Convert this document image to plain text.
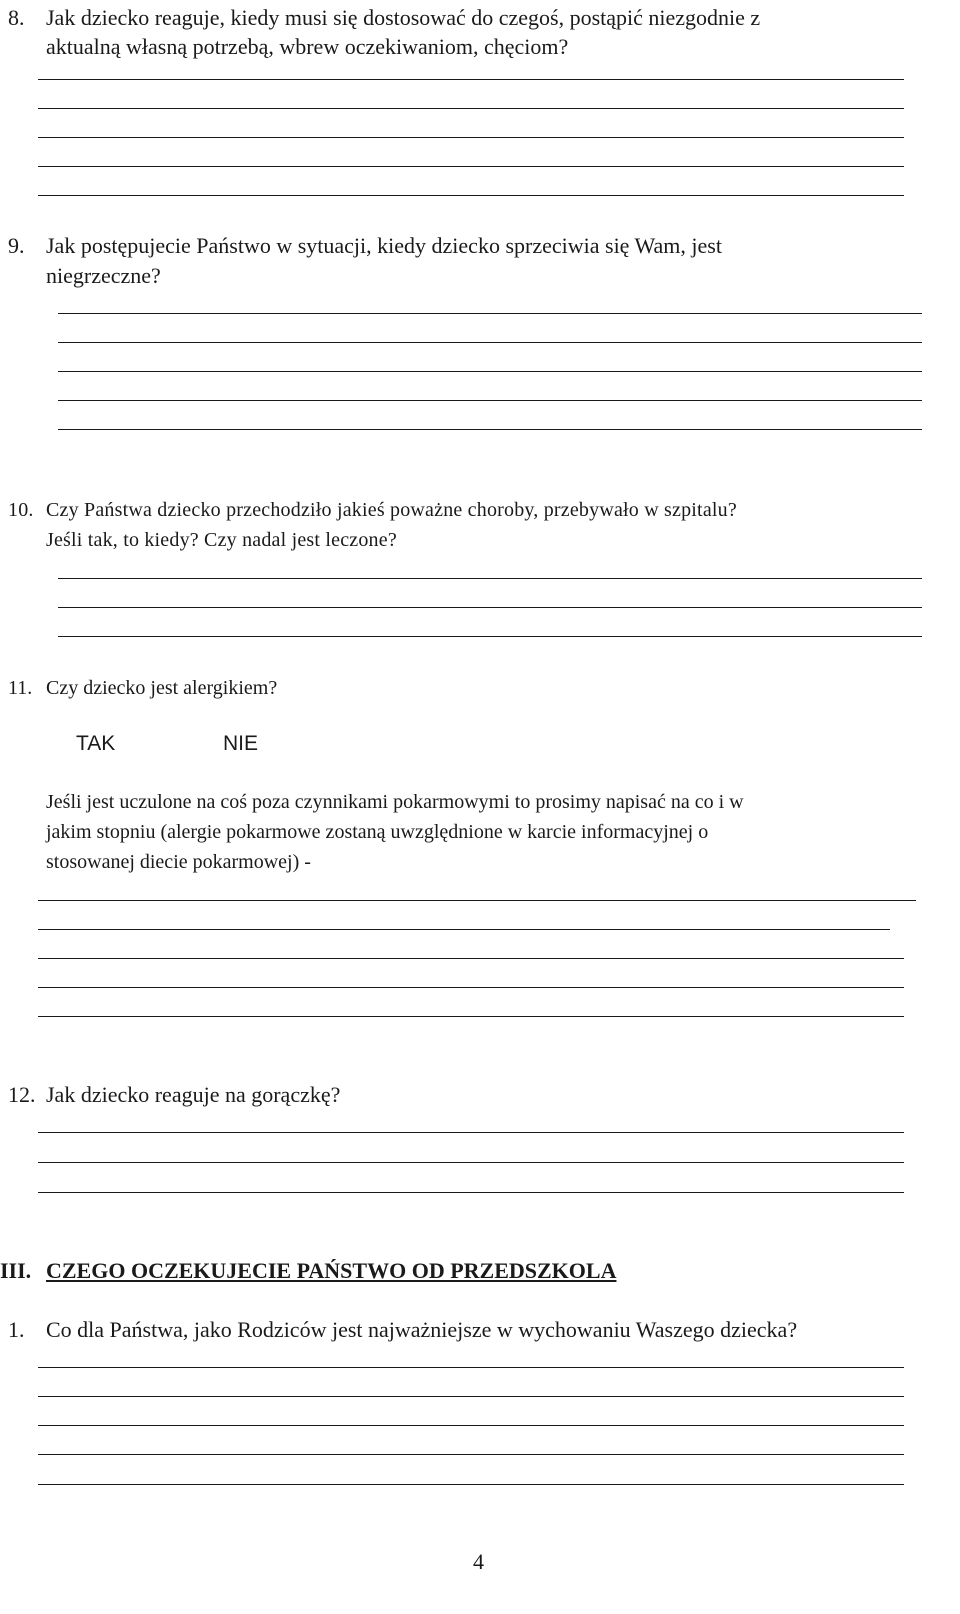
8. Jak dziecko reaguje, kiedy musi się dostosować do czegoś, postąpić niezgodnie z
aktualną własną potrzebą, wbrew oczekiwaniom, chęciom?
9. Jak postępujecie Państwo w sytuacji, kiedy dziecko sprzeciwia się Wam, jest
niegrzeczne?
10. Czy Państwa dziecko przechodziło jakieś poważne choroby, przebywało w szpitalu?
Jeśli tak, to kiedy? Czy nadal jest leczone?
11. Czy dziecko jest alergikiem?
TAK	NIE
Jeśli jest uczulone na coś poza czynnikami pokarmowymi to prosimy napisać na co i w
jakim stopniu (alergie pokarmowe zostaną uwzględnione w karcie informacyjnej o
stosowanej diecie pokarmowej) -
12. Jak dziecko reaguje na gorączkę?
III. CZEGO OCZEKUJECIE PAŃSTWO OD PRZEDSZKOLA
1. Co dla Państwa, jako Rodziców jest najważniejsze w wychowaniu Waszego dziecka?
4
